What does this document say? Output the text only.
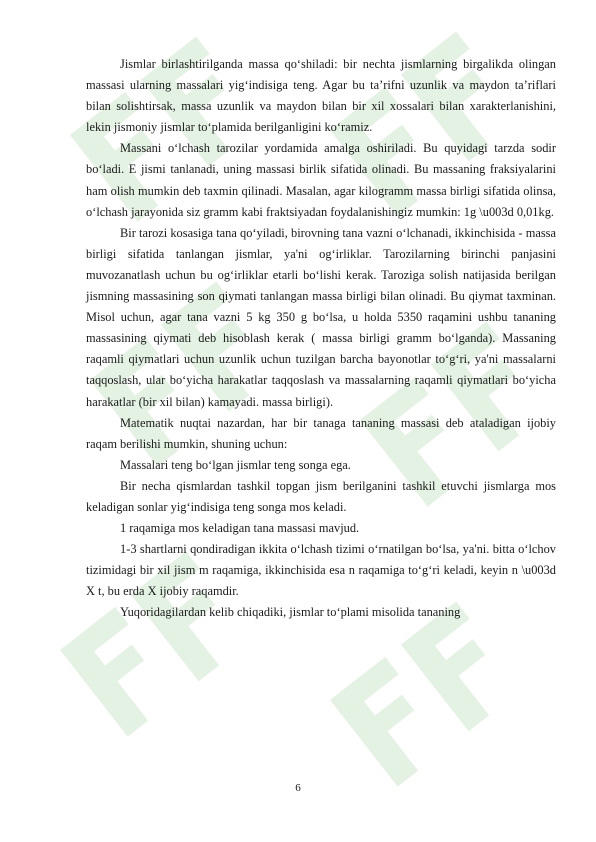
Jismlar birlashtirilganda massa qo‘shiladi: bir nechta jismlarning birgalikda olingan massasi ularning massalari yig‘indisiga teng. Agar bu ta’rifni uzunlik va maydon ta’riflari bilan solishtirsak, massa uzunlik va maydon bilan bir xil xossalari bilan xarakterlanishini, lekin jismoniy jismlar to‘plamida berilganligini ko‘ramiz.

Massani o‘lchash tarozilar yordamida amalga oshiriladi. Bu quyidagi tarzda sodir bo‘ladi. E jismi tanlanadi, uning massasi birlik sifatida olinadi. Bu massaning fraksiyalarini ham olish mumkin deb taxmin qilinadi. Masalan, agar kilogramm massa birligi sifatida olinsa, o‘lchash jarayonida siz gramm kabi fraktsiyadan foydalanishingiz mumkin: 1g \u003d 0,01kg.

Bir tarozi kosasiga tana qo‘yiladi, birovning tana vazni o‘lchanadi, ikkinchisida - massa birligi sifatida tanlangan jismlar, ya'ni og‘irliklar. Tarozilarning birinchi panjasini muvozanatlash uchun bu og‘irliklar etarli bo‘lishi kerak. Taroziga solish natijasida berilgan jismning massasining son qiymati tanlangan massa birligi bilan olinadi. Bu qiymat taxminan. Misol uchun, agar tana vazni 5 kg 350 g bo‘lsa, u holda 5350 raqamini ushbu tananing massasining qiymati deb hisoblash kerak ( massa birligi gramm bo‘lganda). Massaning raqamli qiymatlari uchun uzunlik uchun tuzilgan barcha bayonotlar to‘g‘ri, ya'ni massalarni taqqoslash, ular bo‘yicha harakatlar taqqoslash va massalarning raqamli qiymatlari bo‘yicha harakatlar (bir xil bilan) kamayadi. massa birligi).

Matematik nuqtai nazardan, har bir tanaga tananing massasi deb ataladigan ijobiy raqam berilishi mumkin, shuning uchun:

Massalari teng bo‘lgan jismlar teng songa ega.

Bir necha qismlardan tashkil topgan jism berilganini tashkil etuvchi jismlarga mos keladigan sonlar yig‘indisiga teng songa mos keladi.

1 raqamiga mos keladigan tana massasi mavjud.

1-3 shartlarni qondiradigan ikkita o‘lchash tizimi o‘rnatilgan bo‘lsa, ya'ni. bitta o‘lchov tizimidagi bir xil jism m raqamiga, ikkinchisida esa n raqamiga to‘g‘ri keladi, keyin n \u003d X t, bu erda X ijobiy raqamdir.

Yuqoridagilardan kelib chiqadiki, jismlar to‘plami misolida tananing

6
